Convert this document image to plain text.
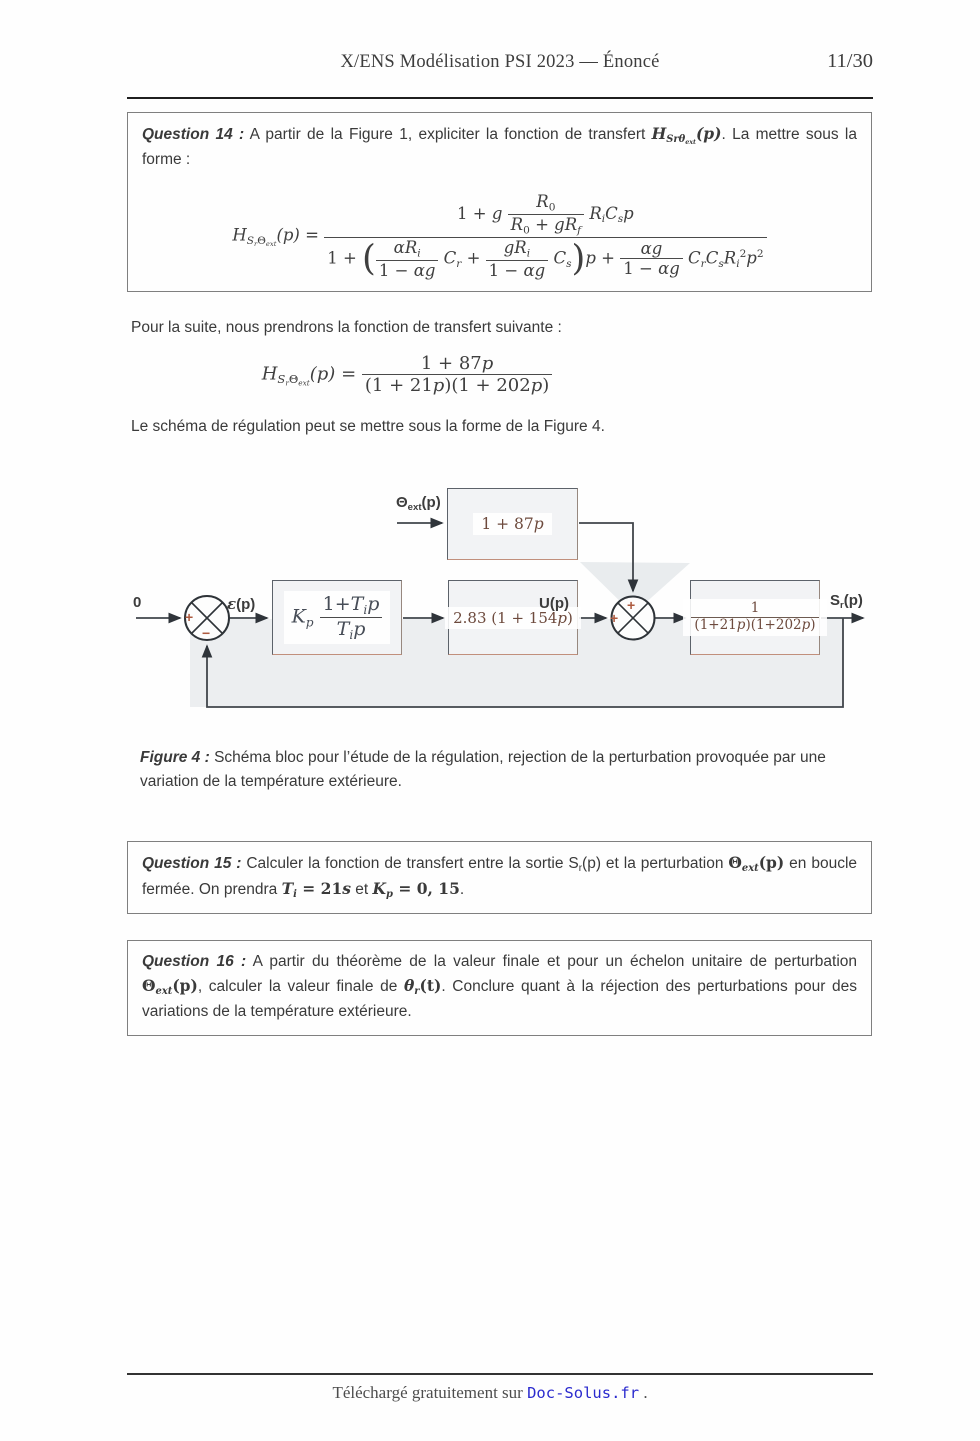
X/ENS Modélisation PSI 2023 — Énoncé	11/30

Question 14 : A partir de la Figure 1, expliciter la fonction de transfert $H_{Sr\theta_{ext}}(p)$. La mettre sous la forme :

$H_{S_r\Theta_{ext}}(p) = \frac{1 + g \frac{R_0}{R_0 + gR_f} R_iC_sp}{1 + ( \frac{\alpha R_i}{1 - \alpha g} C_r + \frac{gR_i}{1 - \alpha g} C_s)p + \frac{\alpha g}{1 - \alpha g} C_rC_sR_i^2p^2}$

Pour la suite, nous prendrons la fonction de transfert suivante :

$H_{S_r\Theta_{ext}}(p) = \frac{1 + 87p}{(1 + 21p)(1 + 202p)}$

Le schéma de régulation peut se mettre sous la forme de la Figure 4.

1 + 87p
$K_p \frac{1+T_ip}{T_ip}$	2.83 (1 + 154p)	$\frac{1}{(1+21p)(1+202p)}$
0
$\Theta_{ext}(p)$
ε(p)	U(p)	$S_r(p)$
+
−
+
+

Figure 4 : Schéma bloc pour l’étude de la régulation, rejection de la perturbation provoquée par une variation de la température extérieure.

Question 15 : Calculer la fonction de transfert entre la sortie $S_r(p)$ et la perturbation $\Theta_{ext}(p)$ en boucle fermée. On prendra $T_i = 21s$ et $K_p = 0$, 15.

Question 16 : A partir du théorème de la valeur finale et pour un échelon unitaire de perturbation $\Theta_{ext}(p)$, calculer la valeur finale de $\theta_r(t)$. Conclure quant à la réjection des perturbations pour des variations de la température extérieure.

Téléchargé gratuitement sur Doc-Solus.fr .
